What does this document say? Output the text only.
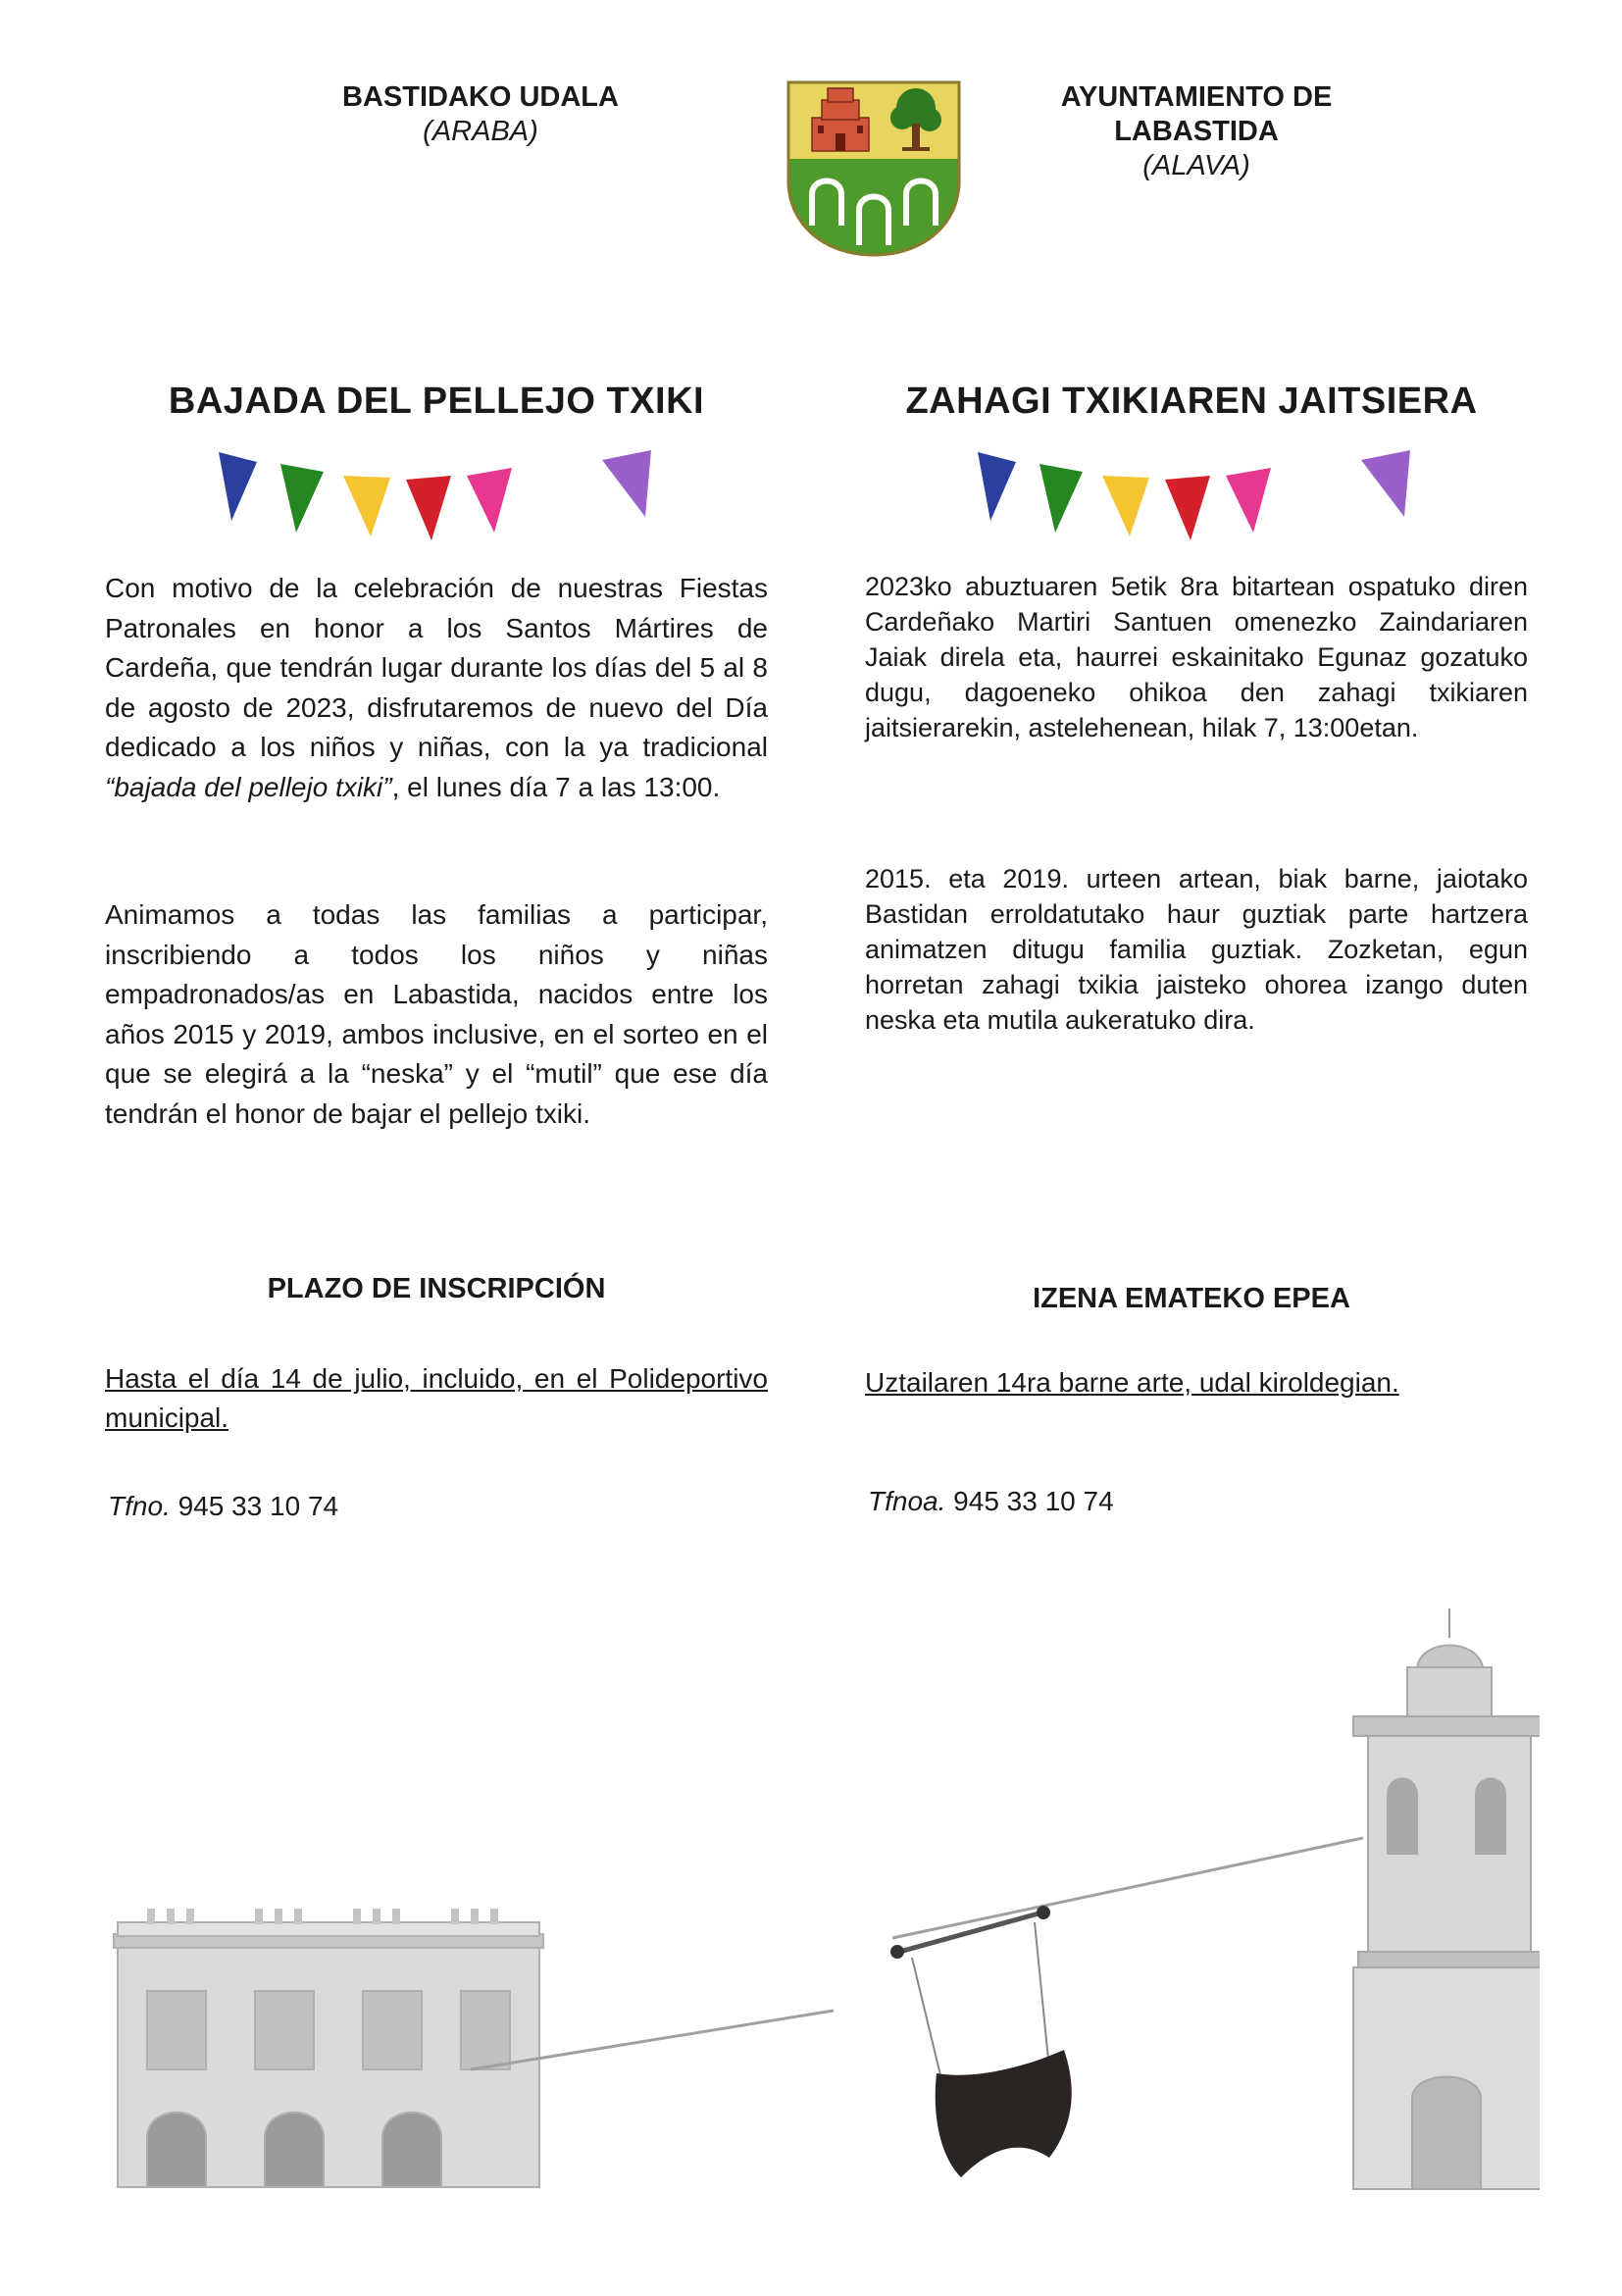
BASTIDAKO UDALA
(ARABA)
AYUNTAMIENTO DE
LABASTIDA
(ALAVA)
BAJADA DEL PELLEJO TXIKI	ZAHAGI TXIKIAREN JAITSIERA
Con motivo de la celebración de nuestras Fiestas Patronales en honor a los Santos Mártires de Cardeña, que tendrán lugar durante los días del 5 al 8 de agosto de 2023, disfrutaremos de nuevo del Día dedicado a los niños y niñas, con la ya tradicional “bajada del pellejo txiki”, el lunes día 7 a las 13:00.
Animamos a todas las familias a participar, inscribiendo a todos los niños y niñas empadronados/as en Labastida, nacidos entre los años 2015 y 2019, ambos inclusive, en el sorteo en el que se elegirá a la “neska” y el “mutil” que ese día tendrán el honor de bajar el pellejo txiki.
2023ko abuztuaren 5etik 8ra bitartean ospatuko diren Cardeñako Martiri Santuen omenezko Zaindariaren Jaiak direla eta, haurrei eskainitako Egunaz gozatuko dugu, dagoeneko ohikoa den zahagi txikiaren jaitsierarekin, astelehenean, hilak 7, 13:00etan.
2015. eta 2019. urteen artean, biak barne, jaiotako Bastidan erroldatutako haur guztiak parte hartzera animatzen ditugu familia guztiak. Zozketan, egun horretan zahagi txikia jaisteko ohorea izango duten neska eta mutila aukeratuko dira.
PLAZO DE INSCRIPCIÓN	IZENA EMATEKO EPEA
Hasta el día 14 de julio, incluido, en el Polideportivo municipal.
Uztailaren 14ra barne arte, udal kiroldegian.
Tfno. 945 33 10 74	Tfnoa. 945 33 10 74
